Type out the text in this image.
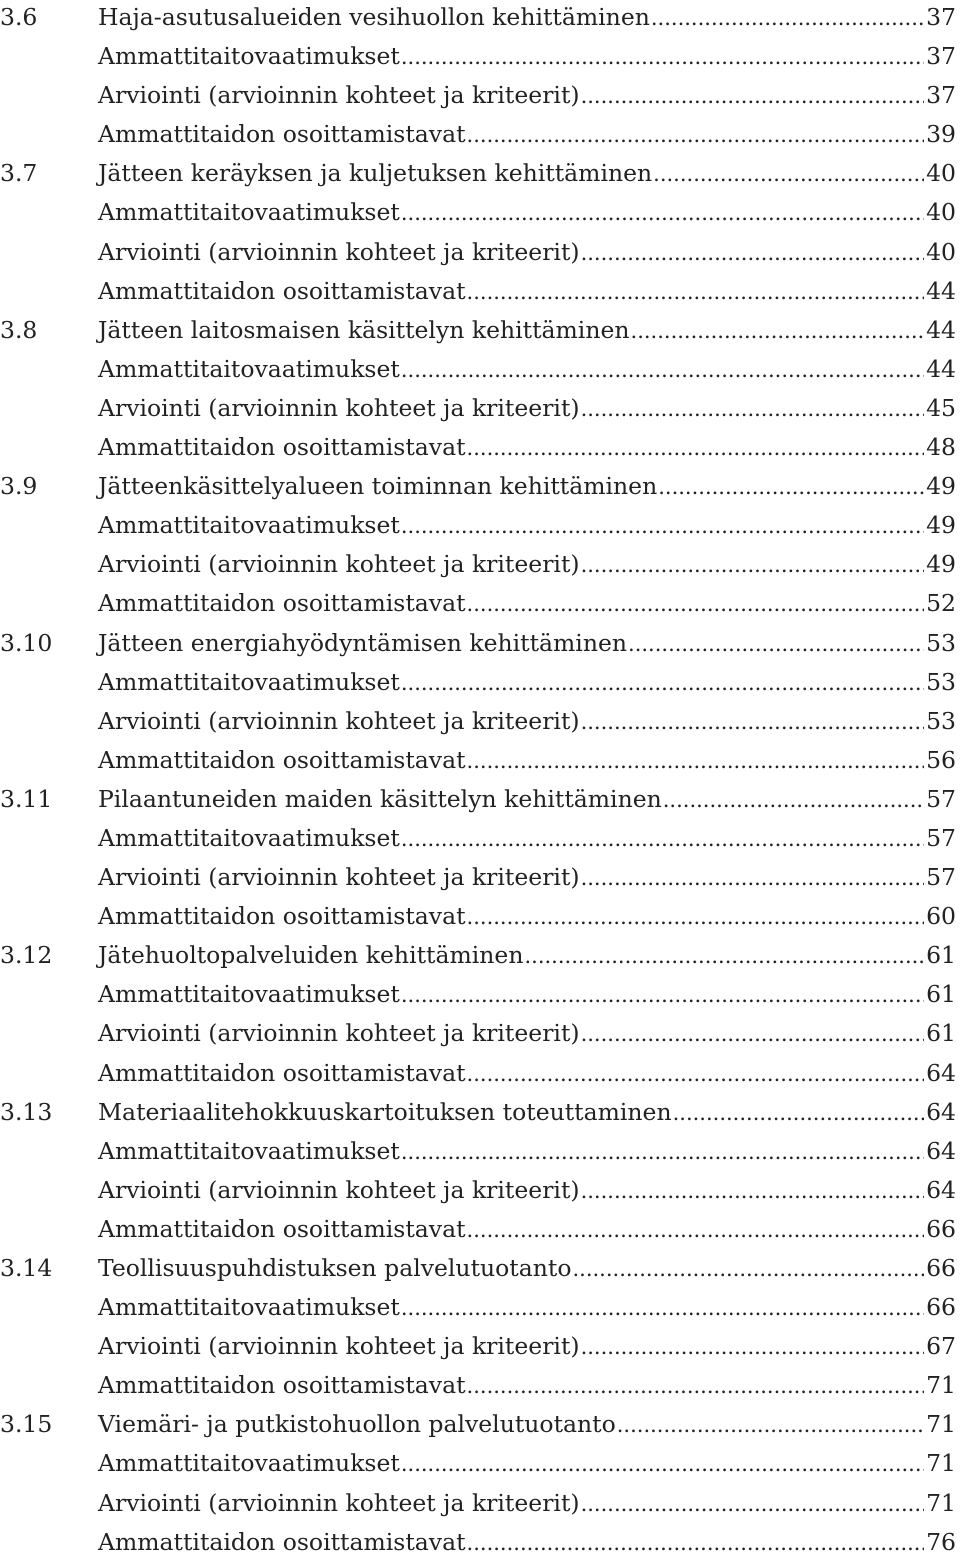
3.6	Haja-asutusalueiden vesihuollon kehittäminen .....	37
Ammattitaitovaatimukset .....	37
Arviointi (arvioinnin kohteet ja kriteerit) .....	37
Ammattitaidon osoittamistavat .....	39
3.7	Jätteen keräyksen ja kuljetuksen kehittäminen .....	40
Ammattitaitovaatimukset .....	40
Arviointi (arvioinnin kohteet ja kriteerit) .....	40
Ammattitaidon osoittamistavat .....	44
3.8	Jätteen laitosmaisen käsittelyn kehittäminen .....	44
Ammattitaitovaatimukset .....	44
Arviointi (arvioinnin kohteet ja kriteerit) .....	45
Ammattitaidon osoittamistavat .....	48
3.9	Jätteenkäsittelyalueen toiminnan kehittäminen .....	49
Ammattitaitovaatimukset .....	49
Arviointi (arvioinnin kohteet ja kriteerit) .....	49
Ammattitaidon osoittamistavat .....	52
3.10	Jätteen energiahyödyntämisen kehittäminen .....	53
Ammattitaitovaatimukset .....	53
Arviointi (arvioinnin kohteet ja kriteerit) .....	53
Ammattitaidon osoittamistavat .....	56
3.11	Pilaantuneiden maiden käsittelyn kehittäminen .....	57
Ammattitaitovaatimukset .....	57
Arviointi (arvioinnin kohteet ja kriteerit) .....	57
Ammattitaidon osoittamistavat .....	60
3.12	Jätehuoltopalveluiden kehittäminen .....	61
Ammattitaitovaatimukset .....	61
Arviointi (arvioinnin kohteet ja kriteerit) .....	61
Ammattitaidon osoittamistavat .....	64
3.13	Materiaalitehokkuuskartoituksen toteuttaminen .....	64
Ammattitaitovaatimukset .....	64
Arviointi (arvioinnin kohteet ja kriteerit) .....	64
Ammattitaidon osoittamistavat .....	66
3.14	Teollisuuspuhdistuksen palvelutuotanto .....	66
Ammattitaitovaatimukset .....	66
Arviointi (arvioinnin kohteet ja kriteerit) .....	67
Ammattitaidon osoittamistavat .....	71
3.15	Viemäri- ja putkistohuollon palvelutuotanto .....	71
Ammattitaitovaatimukset .....	71
Arviointi (arvioinnin kohteet ja kriteerit) .....	71
Ammattitaidon osoittamistavat .....	76
